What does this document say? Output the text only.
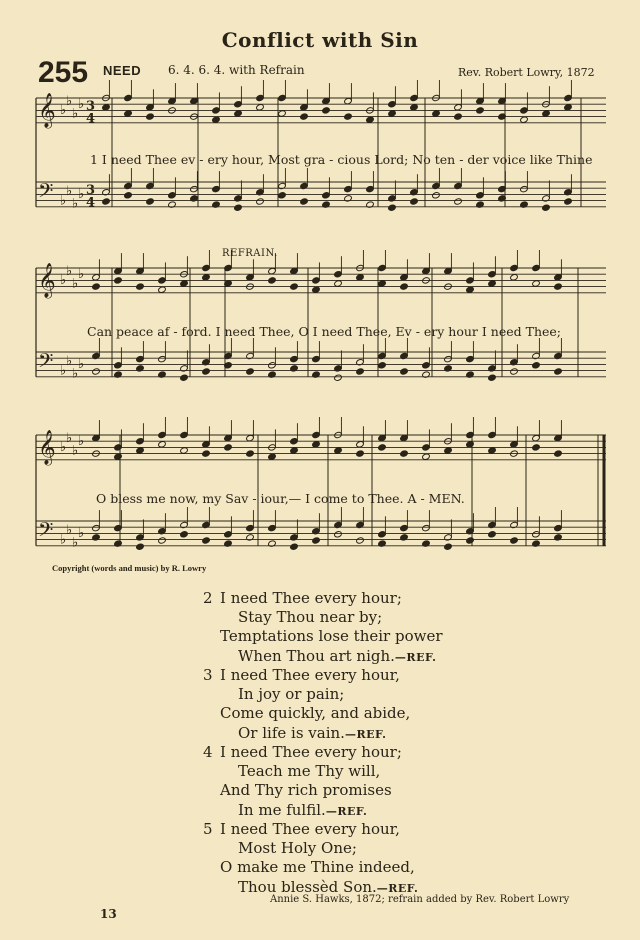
Conflict with Sin
255 NEED 6. 4. 6. 4. with Refrain	Rev. Robert Lowry, 1872
𝄞 ♭
♭
♭
♭ 3
4
𝄢 ♭
♭
♭
♭ 3
4
𝄞 ♭
♭
♭
♭
𝄢 ♭
♭
♭
♭
𝄞 ♭
♭
♭
♭
𝄢 ♭
♭
♭
♭
REFRAIN.
1 I need Thee ev - ery hour, Most gra - cious Lord; No ten - der voice like Thine
Can peace af - ford. I need Thee, O I need Thee, Ev - ery hour I need Thee;
O bless me now, my Sav - iour,— I come to Thee. A - MEN.
Copyright (words and music) by R. Lowry
2 I need Thee every hour;
Stay Thou near by;
Temptations lose their power
When Thou art nigh.—REF.
3 I need Thee every hour,
In joy or pain;
Come quickly, and abide,
Or life is vain.—REF.
4 I need Thee every hour;
Teach me Thy will,
And Thy rich promises
In me fulfil.—REF.
5 I need Thee every hour,
Most Holy One;
O make me Thine indeed,
Thou blessèd Son.—REF.
Annie S. Hawks, 1872; refrain added by Rev. Robert Lowry
13
